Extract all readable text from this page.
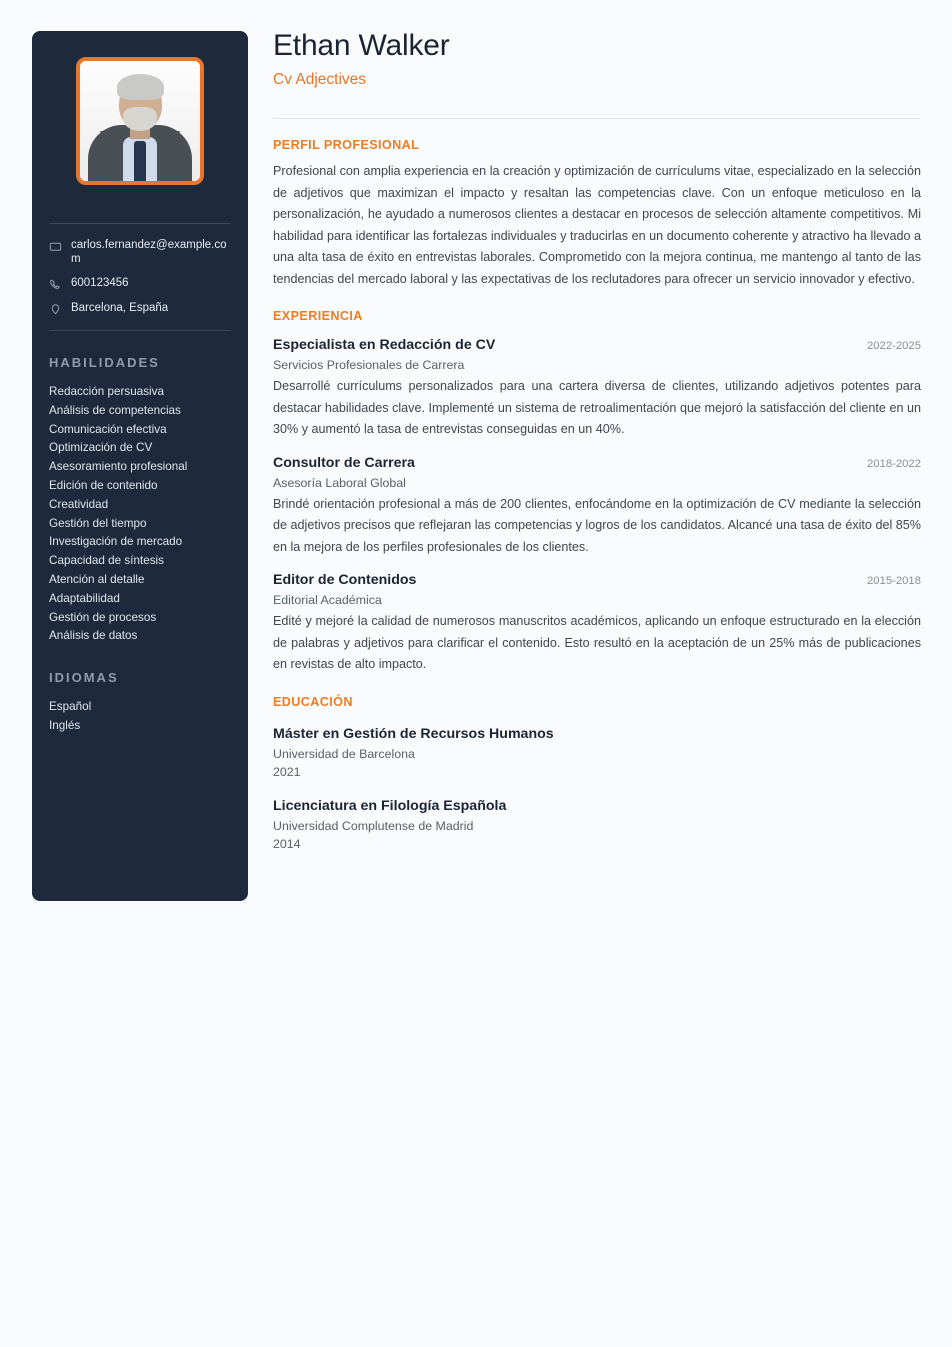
carlos.fernandez@example.com
600123456
Barcelona, España
HABILIDADES
Redacción persuasiva
Análisis de competencias
Comunicación efectiva
Optimización de CV
Asesoramiento profesional
Edición de contenido
Creatividad
Gestión del tiempo
Investigación de mercado
Capacidad de síntesis
Atención al detalle
Adaptabilidad
Gestión de procesos
Análisis de datos
IDIOMAS
Español
Inglés
Ethan Walker
Cv Adjectives
PERFIL PROFESIONAL

Profesional con amplia experiencia en la creación y optimización de currículums vitae, especializado en la selección de adjetivos que maximizan el impacto y resaltan las competencias clave. Con un enfoque meticuloso en la personalización, he ayudado a numerosos clientes a destacar en procesos de selección altamente competitivos. Mi habilidad para identificar las fortalezas individuales y traducirlas en un documento coherente y atractivo ha llevado a una alta tasa de éxito en entrevistas laborales. Comprometido con la mejora continua, me mantengo al tanto de las tendencias del mercado laboral y las expectativas de los reclutadores para ofrecer un servicio innovador y efectivo.

EXPERIENCIA
Especialista en Redacción de CV	2022-2025
Servicios Profesionales de Carrera

Desarrollé currículums personalizados para una cartera diversa de clientes, utilizando adjetivos potentes para destacar habilidades clave. Implementé un sistema de retroalimentación que mejoró la satisfacción del cliente en un 30% y aumentó la tasa de entrevistas conseguidas en un 40%.

Consultor de Carrera	2018-2022
Asesoría Laboral Global

Brindé orientación profesional a más de 200 clientes, enfocándome en la optimización de CV mediante la selección de adjetivos precisos que reflejaran las competencias y logros de los candidatos. Alcancé una tasa de éxito del 85% en la mejora de los perfiles profesionales de los clientes.

Editor de Contenidos	2015-2018
Editorial Académica

Edité y mejoré la calidad de numerosos manuscritos académicos, aplicando un enfoque estructurado en la elección de palabras y adjetivos para clarificar el contenido. Esto resultó en la aceptación de un 25% más de publicaciones en revistas de alto impacto.

EDUCACIÓN
Máster en Gestión de Recursos Humanos
Universidad de Barcelona
2021
Licenciatura en Filología Española
Universidad Complutense de Madrid
2014
